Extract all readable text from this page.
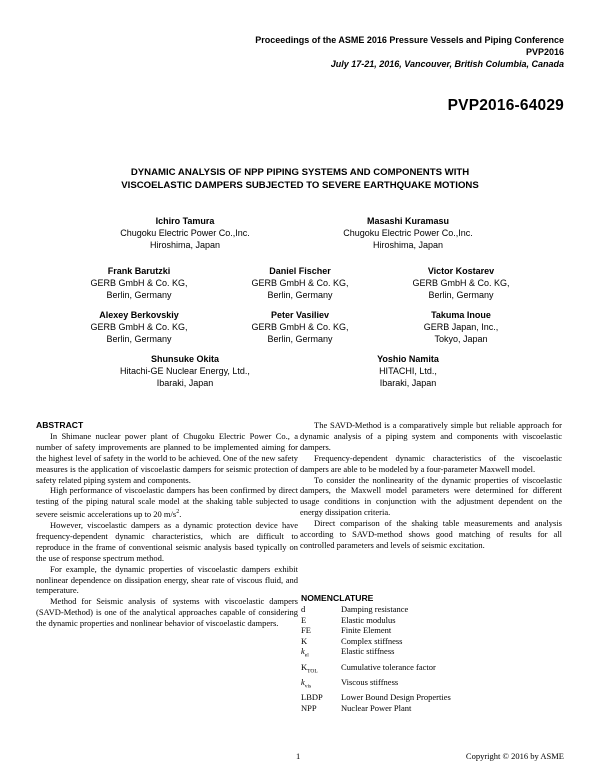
Proceedings of the ASME 2016 Pressure Vessels and Piping Conference
PVP2016
July 17-21, 2016, Vancouver, British Columbia, Canada
PVP2016-64029
DYNAMIC ANALYSIS OF NPP PIPING SYSTEMS AND COMPONENTS WITH
VISCOELASTIC DAMPERS SUBJECTED TO SEVERE EARTHQUAKE MOTIONS
Ichiro Tamura
Chugoku Electric Power Co.,Inc.
Hiroshima, Japan
Masashi Kuramasu
Chugoku Electric Power Co.,Inc.
Hiroshima, Japan
Frank Barutzki
GERB GmbH & Co. KG,
Berlin, Germany
Daniel Fischer
GERB GmbH & Co. KG,
Berlin, Germany
Victor Kostarev
GERB GmbH & Co. KG,
Berlin, Germany
Alexey Berkovskiy
GERB GmbH & Co. KG,
Berlin, Germany
Peter Vasiliev
GERB GmbH & Co. KG,
Berlin, Germany
Takuma Inoue
GERB Japan, Inc.,
Tokyo, Japan
Shunsuke Okita
Hitachi-GE Nuclear Energy, Ltd.,
Ibaraki, Japan
Yoshio Namita
HITACHI, Ltd.,
Ibaraki, Japan

ABSTRACT

In Shimane nuclear power plant of Chugoku Electric Power Co., a number of safety improvements are planned to be implemented aiming for the highest level of safety in the world to be achieved. One of the new safety measures is the application of viscoelastic dampers for seismic protection of safety related piping system and components.

High performance of viscoelastic dampers has been confirmed by direct testing of the piping natural scale model at the shaking table subjected to severe seismic accelerations up to 20 $m/s^2$.

However, viscoelastic dampers as a dynamic protection device have frequency-dependent dynamic characteristics, which are difficult to reproduce in the frame of conventional seismic analysis based typically on the use of response spectrum method.

For example, the dynamic properties of viscoelastic dampers exhibit nonlinear dependence on dissipation energy, shear rate of viscous fluid, and temperature.

Method for Seismic analysis of systems with viscoelastic dampers (SAVD-Method) is one of the analytical approaches capable of considering the dynamic properties and nonlinear behavior of viscoelastic dampers.

The SAVD-Method is a comparatively simple but reliable approach for dynamic analysis of a piping system and components with viscoelastic dampers.

Frequency-dependent dynamic characteristics of the viscoelastic dampers are able to be modeled by a four-parameter Maxwell model.

To consider the nonlinearity of the dynamic properties of viscoelastic dampers, the Maxwell model parameters were determined for different usage conditions in conjunction with the adjustment dependent on the energy dissipation criteria.

Direct comparison of the shaking table measurements and analysis according to SAVD-method shows good matching of results for all controlled parameters and levels of seismic excitation.

NOMENCLATURE
d	Damping resistance
E	Elastic modulus
FE	Finite Element
K	Complex stiffness
$k_{el}$	Elastic stiffness
$K_{TOL}$	Cumulative tolerance factor
$k_{vis}$	Viscous stiffness
LBDP	Lower Bound Design Properties
NPP	Nuclear Power Plant
1	Copyright © 2016 by ASME
